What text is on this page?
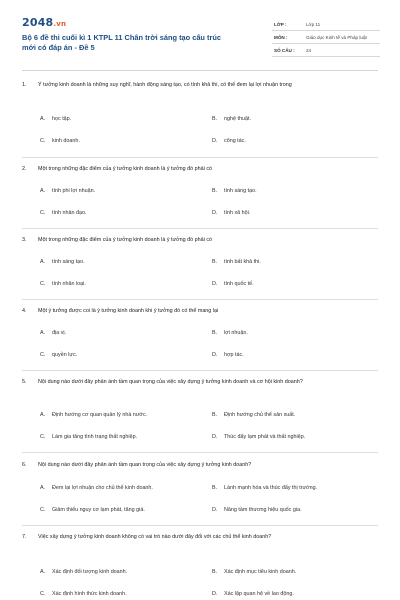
2048.vn
Bộ 6 đề thi cuối kì 1 KTPL 11 Chân trời sáng tạo cấu trúc mới có đáp án - Đề 5
LỚP :	Lớp 11
MÔN :	Giáo dục Kinh tế và Pháp luật
SỐ CÂU : 24
1. Ý tưởng kinh doanh là những suy nghĩ, hành động sáng tạo, có tính khả thi, có thể đem lại lợi nhuận trong
A. học tập.	B. nghệ thuật.
C. kinh doanh.	D. công tác.
2. Một trong những đặc điểm của ý tưởng kinh doanh là ý tưởng đó phải có
A. tính phi lợi nhuận.	B. tính sáng tạo.
C. tính nhân đạo.	D. tính xã hội.
3. Một trong những đặc điểm của ý tưởng kinh doanh là ý tưởng đó phải có
A. tính sáng tạo.	B. tính bất khả thi.
C. tính nhân loại.	D. tính quốc tế.
4. Một ý tưởng được coi là ý tưởng kinh doanh khi ý tưởng đó có thể mang lại
A. địa vị.	B. lợi nhuận.
C. quyền lực.	D. hợp tác.
5. Nội dung nào dưới đây phản ánh tầm quan trọng của việc xây dựng ý tưởng kinh doanh và cơ hội kinh doanh?
A. Định hướng cơ quan quản lý nhà nước.	B. Định hướng chủ thể sản xuất.
C. Làm gia tăng tình trạng thất nghiệp.	D. Thúc đẩy lạm phát và thất nghiệp.
6. Nội dung nào dưới đây phản ánh tầm quan trọng của việc xây dựng ý tưởng kinh doanh?
A. Đem lại lợi nhuận cho chủ thể kinh doanh.	B. Lành mạnh hóa và thúc đẩy thị trường.
C. Giảm thiểu nguy cơ lạm phát, tăng giá.	D. Nâng tầm thương hiệu quốc gia.
7. Việc xây dựng ý tưởng kinh doanh không có vai trò nào dưới đây đối với các chủ thể kinh doanh?
A. Xác định đối tượng kinh doanh.	B. Xác định mục tiêu kinh doanh.
C. Xác định hình thức kinh doanh.	D. Xác lập quan hệ về lao động.
